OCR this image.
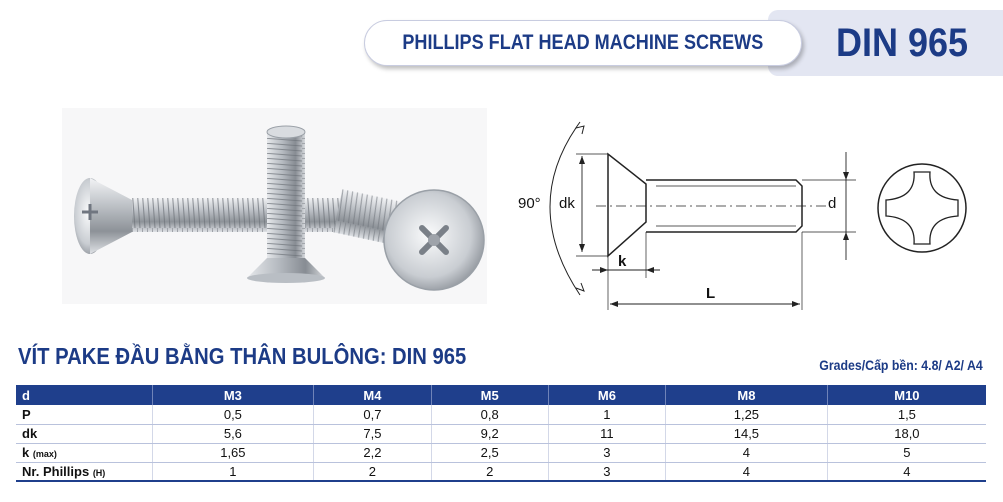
PHILLIPS FLAT HEAD MACHINE SCREWS	DIN 965
90° dk	d
k
L
VÍT PAKE ĐẦU BẰNG THÂN BULÔNG: DIN 965	Grades/Cấp bền: 4.8/ A2/ A4
d	M3	M4	M5	M6	M8	M10
P	0,5	0,7	0,8	1	1,25	1,5
dk	5,6	7,5	9,2	11	14,5	18,0
k (max)	1,65	2,2	2,5	3	4	5
Nr. Phillips (H)	1	2	2	3	4	4
